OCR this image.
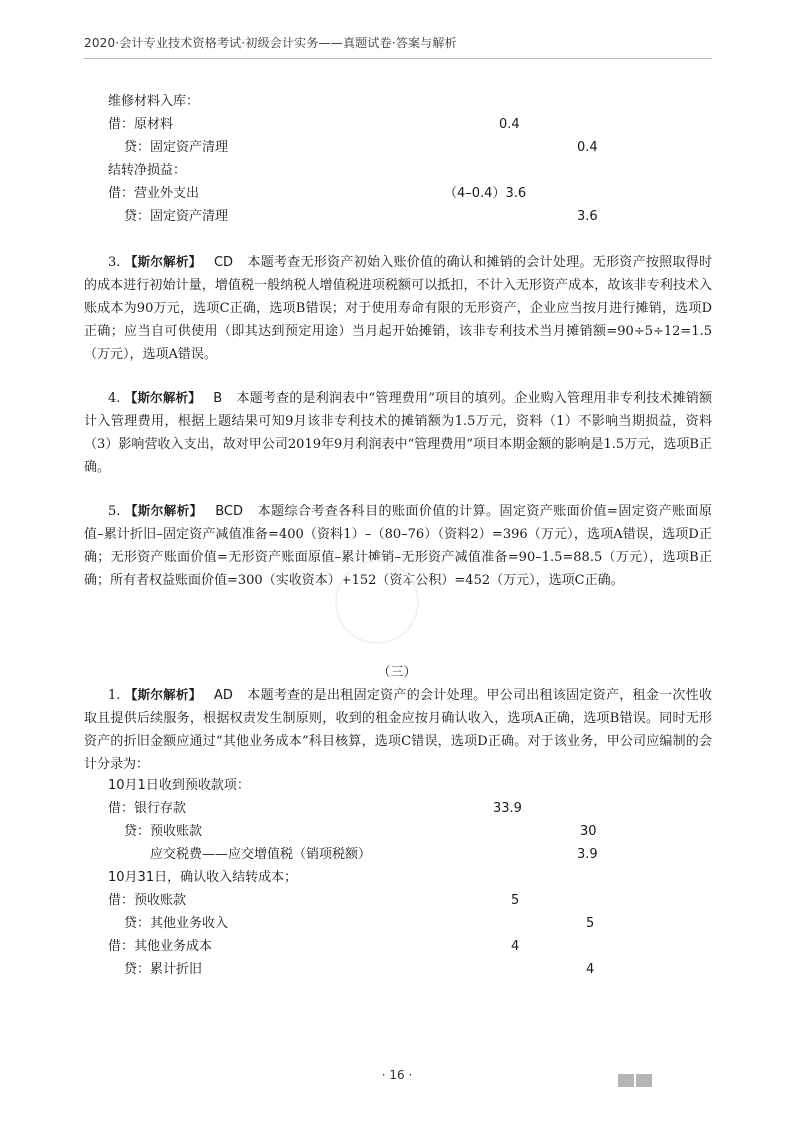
2020·会计专业技术资格考试·初级会计实务——真题试卷·答案与解析
维修材料入库：
借：原材料	0.4
贷：固定资产清理	0.4
结转净损益：
借：营业外支出	（4–0.4）3.6
贷：固定资产清理	3.6
3. 【斯尔解析】 CD 本题考查无形资产初始入账价值的确认和摊销的会计处理。无形资产按照取得时的成本进行初始计量，增值税一般纳税人增值税进项税额可以抵扣，不计入无形资产成本，故该非专利技术入账成本为90万元，选项C正确，选项B错误；对于使用寿命有限的无形资产，企业应当按月进行摊销，选项D正确；应当自可供使用（即其达到预定用途）当月起开始摊销，该非专利技术当月摊销额=90÷5÷12=1.5（万元），选项A错误。
4. 【斯尔解析】 B 本题考查的是利润表中“管理费用”项目的填列。企业购入管理用非专利技术摊销额计入管理费用，根据上题结果可知9月该非专利技术的摊销额为1.5万元，资料（1）不影响当期损益，资料（3）影响营收入支出，故对甲公司2019年9月利润表中“管理费用”项目本期金额的影响是1.5万元，选项B正确。
5. 【斯尔解析】 BCD 本题综合考查各科目的账面价值的计算。固定资产账面价值=固定资产账面原值–累计折旧–固定资产减值准备=400（资料1）–（80–76）（资料2）=396（万元），选项A错误，选项D正确；无形资产账面价值=无形资产账面原值–累计摊销–无形资产减值准备=90–1.5=88.5（万元），选项B正确；所有者权益账面价值=300（实收资本）+152（资本公积）=452（万元），选项C正确。
（三）
1. 【斯尔解析】 AD 本题考查的是出租固定资产的会计处理。甲公司出租该固定资产，租金一次性收取且提供后续服务，根据权责发生制原则，收到的租金应按月确认收入，选项A正确，选项B错误。同时无形资产的折旧金额应通过“其他业务成本”科目核算，选项C错误，选项D正确。对于该业务，甲公司应编制的会计分录为：
10月1日收到预收款项：
借：银行存款	33.9
贷：预收账款	30
应交税费——应交增值税（销项税额）	3.9
10月31日，确认收入结转成本；
借：预收账款	5
贷：其他业务收入	5
借：其他业务成本	4
贷：累计折旧	4
· 16 ·
